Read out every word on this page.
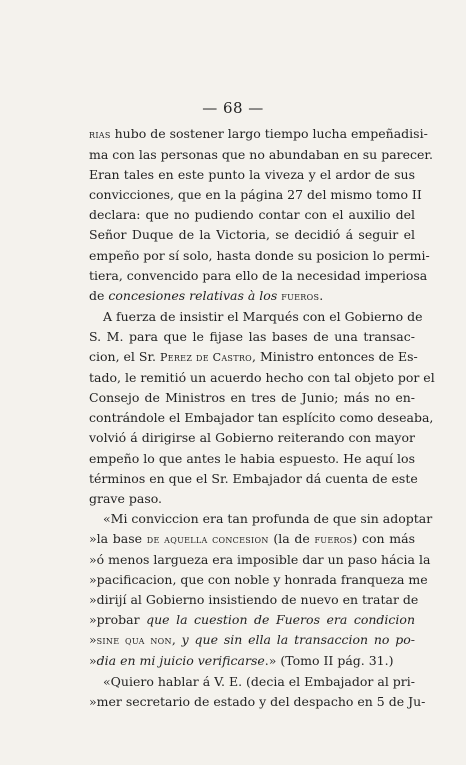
— 68 —
rias hubo de sostener largo tiempo lucha empeñadisi-
ma con las personas que no abundaban en su parecer.
Eran tales en este punto la viveza y el ardor de sus
convicciones, que en la página 27 del mismo tomo II
declara: que no pudiendo contar con el auxilio del
Señor Duque de la Victoria, se decidió á seguir el
empeño por sí solo, hasta donde su posicion lo permi-
tiera, convencido para ello de la necesidad imperiosa
de concesiones relativas à los fueros.
A fuerza de insistir el Marqués con el Gobierno de
S. M. para que le fijase las bases de una transac-
cion, el Sr. Perez de Castro, Ministro entonces de Es-
tado, le remitió un acuerdo hecho con tal objeto por el
Consejo de Ministros en tres de Junio; más no en-
contrándole el Embajador tan esplícito como deseaba,
volvió á dirigirse al Gobierno reiterando con mayor
empeño lo que antes le habia espuesto. He aquí los
términos en que el Sr. Embajador dá cuenta de este
grave paso.
«Mi conviccion era tan profunda de que sin adoptar
»la base de aquella concesion (la de fueros) con más
»ó menos largueza era imposible dar un paso hácia la
»pacificacion, que con noble y honrada franqueza me
»dirijí al Gobierno insistiendo de nuevo en tratar de
»probar que la cuestion de Fueros era condicion
»sine qua non, y que sin ella la transaccion no po-
»dia en mi juicio verificarse.» (Tomo II pág. 31.)
«Quiero hablar á V. E. (decia el Embajador al pri-
»mer secretario de estado y del despacho en 5 de Ju-
